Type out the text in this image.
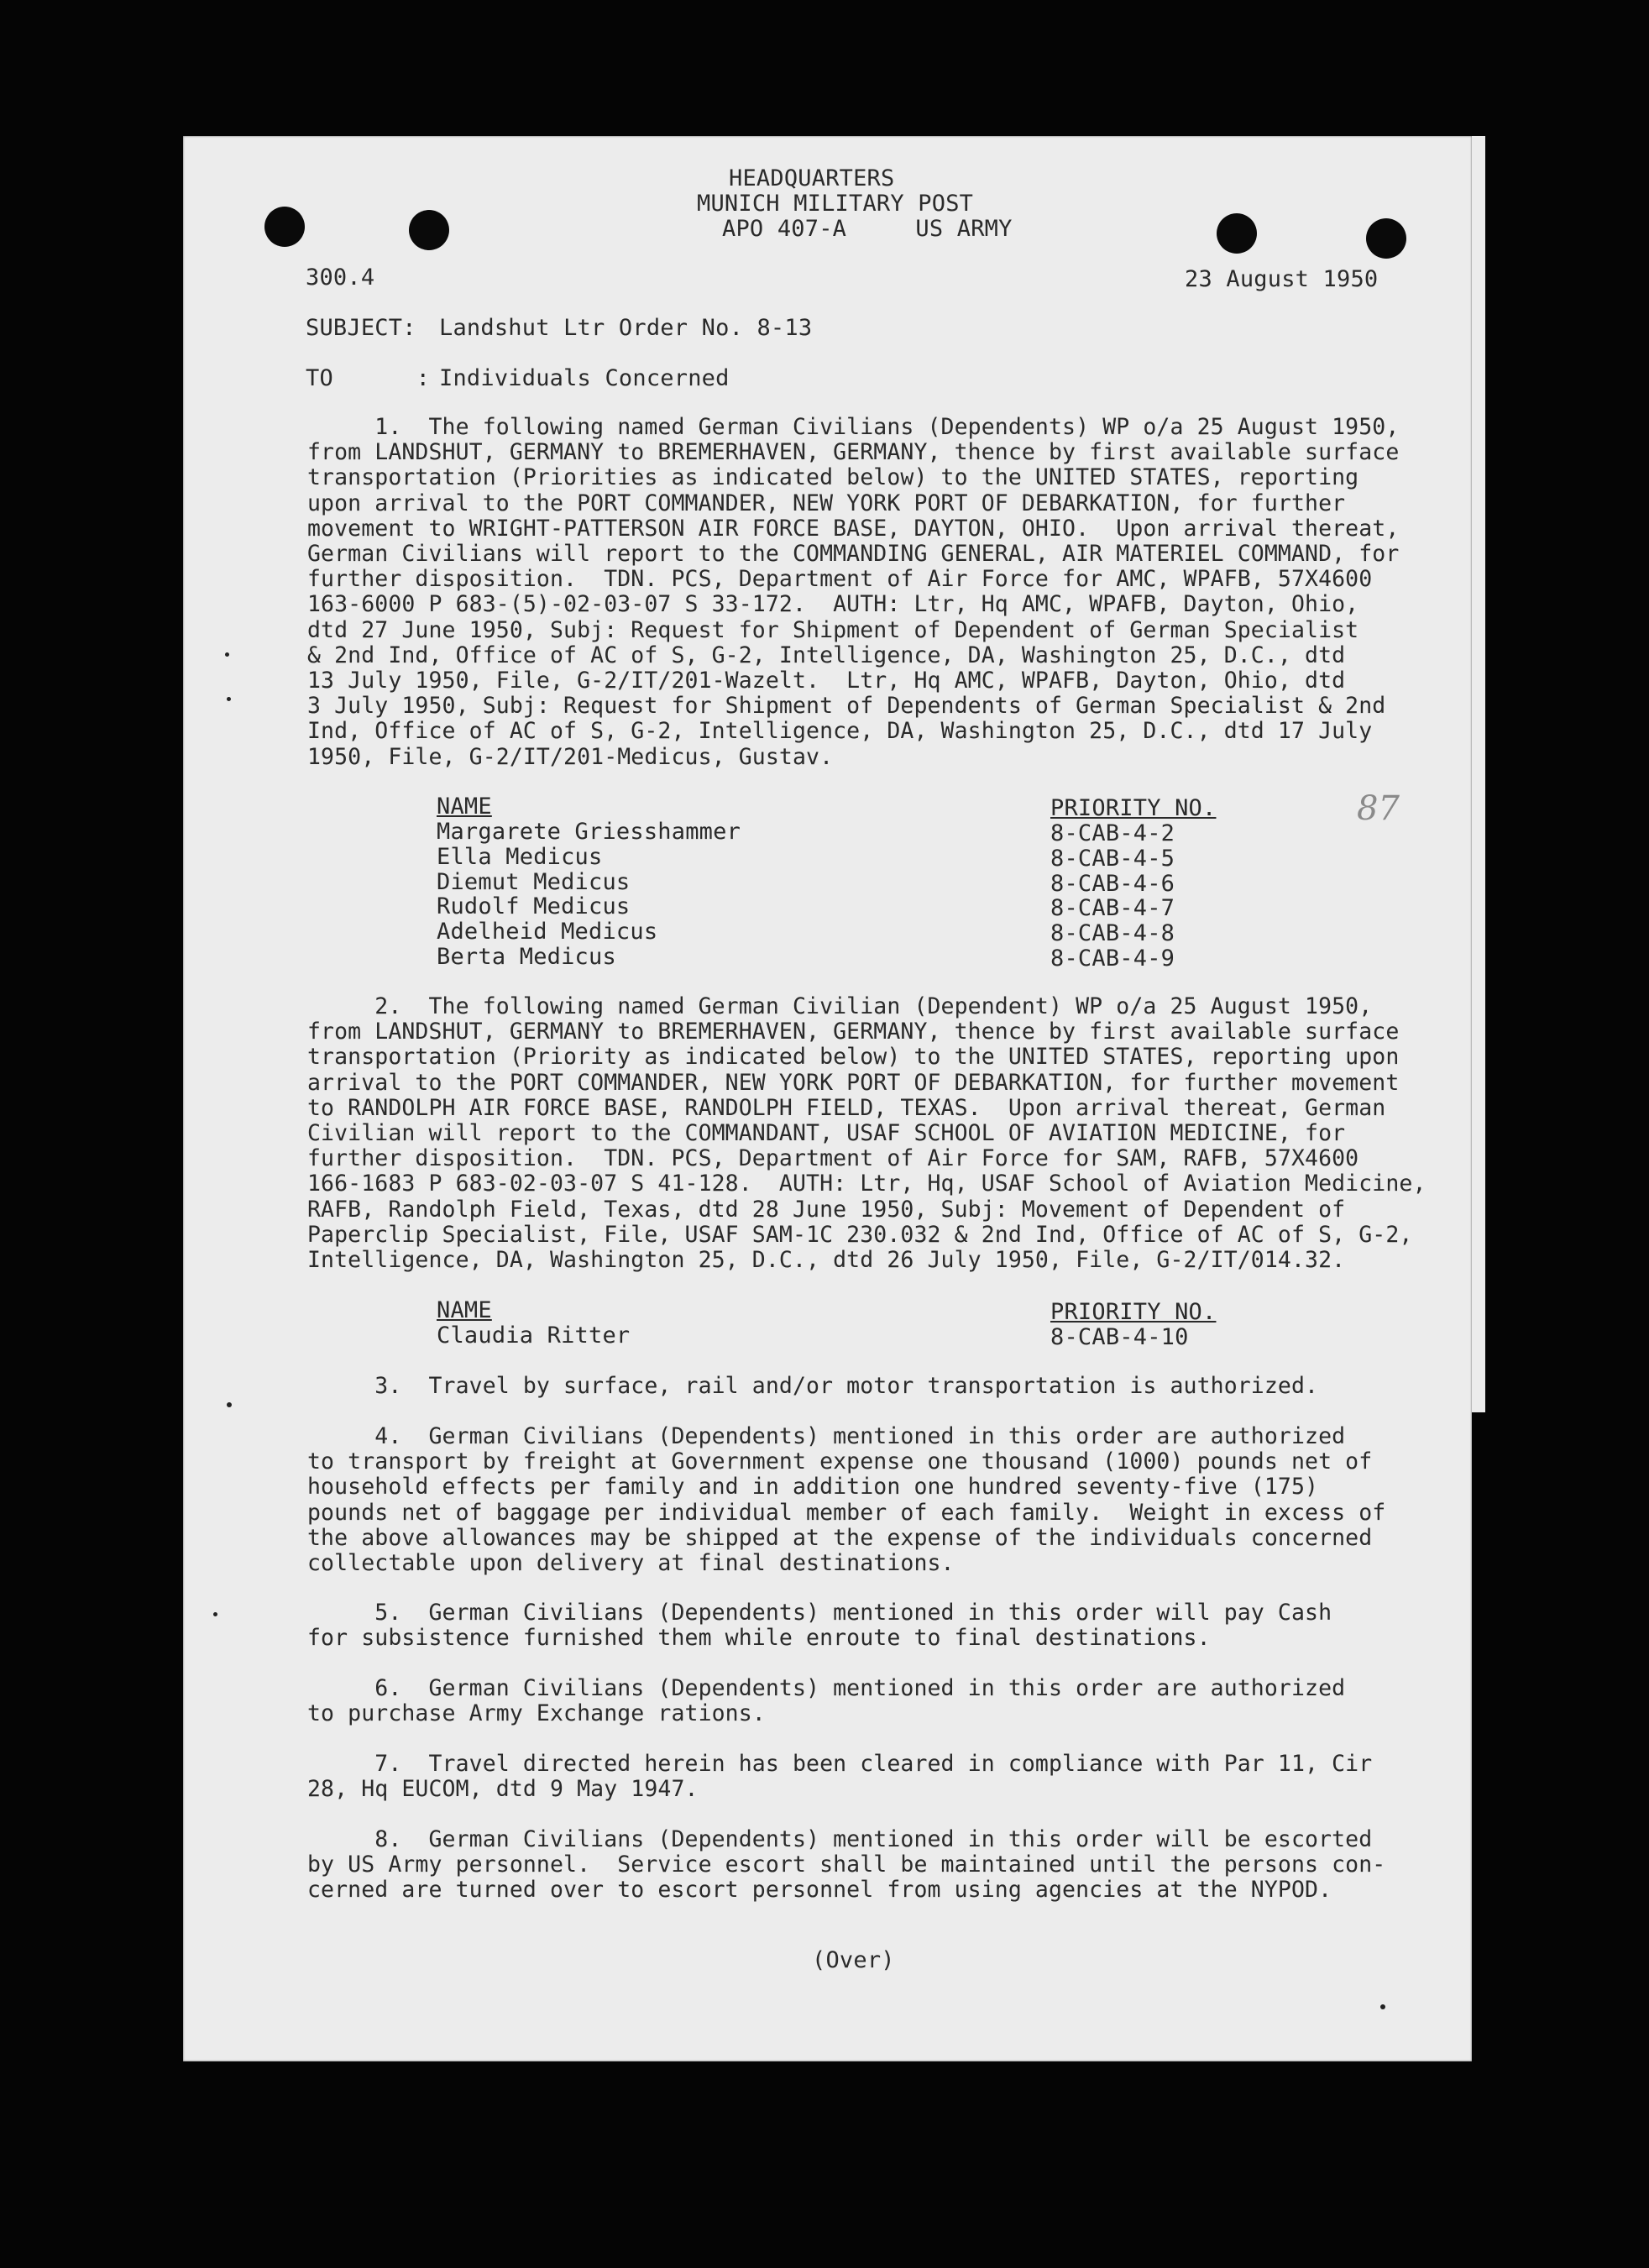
HEADQUARTERS
MUNICH MILITARY POST
APO 407-A     US ARMY
300.4	23 August 1950
SUBJECT: Landshut Ltr Order No. 8-13
TO      : Individuals Concerned
1.  The following named German Civilians (Dependents) WP o/a 25 August 1950,
from LANDSHUT, GERMANY to BREMERHAVEN, GERMANY, thence by first available surface
transportation (Priorities as indicated below) to the UNITED STATES, reporting
upon arrival to the PORT COMMANDER, NEW YORK PORT OF DEBARKATION, for further
movement to WRIGHT-PATTERSON AIR FORCE BASE, DAYTON, OHIO.  Upon arrival thereat,
German Civilians will report to the COMMANDING GENERAL, AIR MATERIEL COMMAND, for
further disposition.  TDN. PCS, Department of Air Force for AMC, WPAFB, 57X4600
163-6000 P 683-(5)-02-03-07 S 33-172.  AUTH: Ltr, Hq AMC, WPAFB, Dayton, Ohio,
dtd 27 June 1950, Subj: Request for Shipment of Dependent of German Specialist
& 2nd Ind, Office of AC of S, G-2, Intelligence, DA, Washington 25, D.C., dtd
13 July 1950, File, G-2/IT/201-Wazelt.  Ltr, Hq AMC, WPAFB, Dayton, Ohio, dtd
3 July 1950, Subj: Request for Shipment of Dependents of German Specialist & 2nd
Ind, Office of AC of S, G-2, Intelligence, DA, Washington 25, D.C., dtd 17 July
1950, File, G-2/IT/201-Medicus, Gustav.
NAME	PRIORITY NO.	87
Margarete Griesshammer	8-CAB-4-2
Ella Medicus	8-CAB-4-5
Diemut Medicus	8-CAB-4-6
Rudolf Medicus	8-CAB-4-7
Adelheid Medicus	8-CAB-4-8
Berta Medicus	8-CAB-4-9
2.  The following named German Civilian (Dependent) WP o/a 25 August 1950,
from LANDSHUT, GERMANY to BREMERHAVEN, GERMANY, thence by first available surface
transportation (Priority as indicated below) to the UNITED STATES, reporting upon
arrival to the PORT COMMANDER, NEW YORK PORT OF DEBARKATION, for further movement
to RANDOLPH AIR FORCE BASE, RANDOLPH FIELD, TEXAS.  Upon arrival thereat, German
Civilian will report to the COMMANDANT, USAF SCHOOL OF AVIATION MEDICINE, for
further disposition.  TDN. PCS, Department of Air Force for SAM, RAFB, 57X4600
166-1683 P 683-02-03-07 S 41-128.  AUTH: Ltr, Hq, USAF School of Aviation Medicine,
RAFB, Randolph Field, Texas, dtd 28 June 1950, Subj: Movement of Dependent of
Paperclip Specialist, File, USAF SAM-1C 230.032 & 2nd Ind, Office of AC of S, G-2,
Intelligence, DA, Washington 25, D.C., dtd 26 July 1950, File, G-2/IT/014.32.
NAME	PRIORITY NO.
Claudia Ritter	8-CAB-4-10
3.  Travel by surface, rail and/or motor transportation is authorized.
4.  German Civilians (Dependents) mentioned in this order are authorized
to transport by freight at Government expense one thousand (1000) pounds net of
household effects per family and in addition one hundred seventy-five (175)
pounds net of baggage per individual member of each family.  Weight in excess of
the above allowances may be shipped at the expense of the individuals concerned
collectable upon delivery at final destinations.
5.  German Civilians (Dependents) mentioned in this order will pay Cash
for subsistence furnished them while enroute to final destinations.
6.  German Civilians (Dependents) mentioned in this order are authorized
to purchase Army Exchange rations.
7.  Travel directed herein has been cleared in compliance with Par 11, Cir
28, Hq EUCOM, dtd 9 May 1947.
8.  German Civilians (Dependents) mentioned in this order will be escorted
by US Army personnel.  Service escort shall be maintained until the persons con-
cerned are turned over to escort personnel from using agencies at the NYPOD.
(Over)
